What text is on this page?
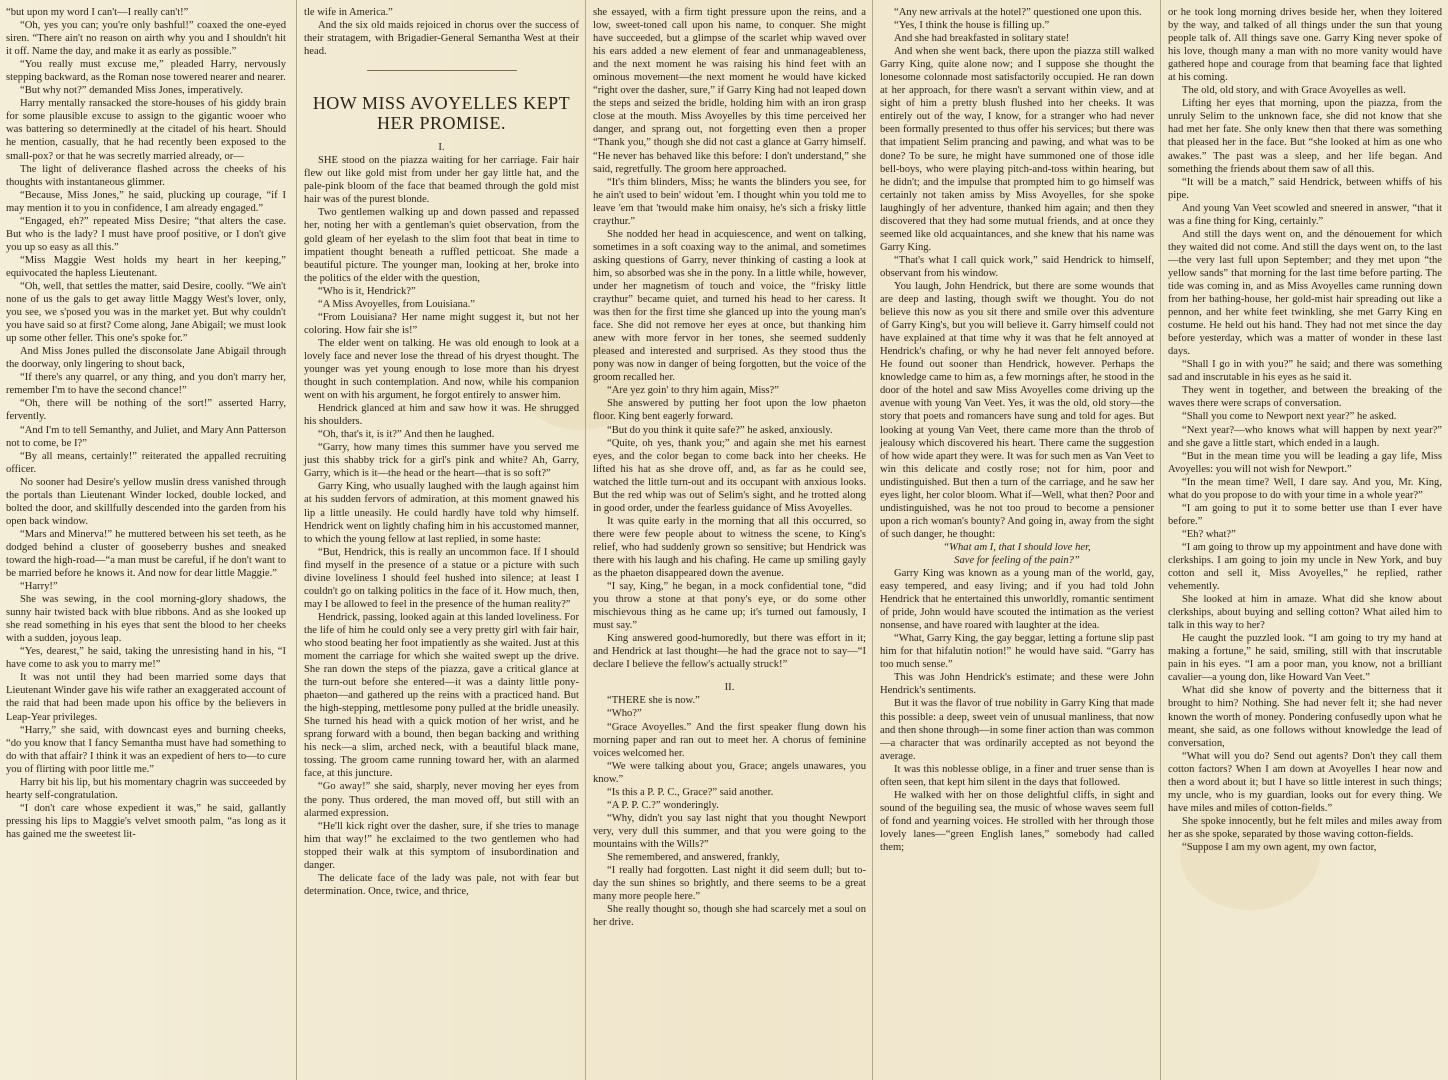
“but upon my word I can't—I really can't!”

“Oh, yes you can; you're only bashful!” coaxed the one-eyed siren. “There ain't no reason on airth why you and I shouldn't hit it off. Name the day, and make it as early as possible.”

“You really must excuse me,” pleaded Harry, nervously stepping backward, as the Roman nose towered nearer and nearer.

“But why not?” demanded Miss Jones, imperatively.

Harry mentally ransacked the store-houses of his giddy brain for some plausible excuse to assign to the gigantic wooer who was battering so determinedly at the citadel of his heart. Should he mention, casually, that he had recently been exposed to the small-pox? or that he was secretly married already, or—

The light of deliverance flashed across the cheeks of his thoughts with instantaneous glimmer.

“Because, Miss Jones,” he said, plucking up courage, “if I may mention it to you in confidence, I am already engaged.”

“Engaged, eh?” repeated Miss Desire; “that alters the case. But who is the lady? I must have proof positive, or I don't give you up so easy as all this.”

“Miss Maggie West holds my heart in her keeping,” equivocated the hapless Lieutenant.

“Oh, well, that settles the matter, said Desire, coolly. “We ain't none of us the gals to get away little Maggy West's lover, only, you see, we s'posed you was in the market yet. But why couldn't you have said so at first? Come along, Jane Abigail; we must look up some other feller. This one's spoke for.”

And Miss Jones pulled the disconsolate Jane Abigail through the doorway, only lingering to shout back,

“If there's any quarrel, or any thing, and you don't marry her, remember I'm to have the second chance!”

“Oh, there will be nothing of the sort!” asserted Harry, fervently.

“And I'm to tell Semanthy, and Juliet, and Mary Ann Patterson not to come, be I?”

“By all means, certainly!” reiterated the appalled recruiting officer.

No sooner had Desire's yellow muslin dress vanished through the portals than Lieutenant Winder locked, double locked, and bolted the door, and skillfully descended into the garden from his open back window.

“Mars and Minerva!” he muttered between his set teeth, as he dodged behind a cluster of gooseberry bushes and sneaked toward the high-road—“a man must be careful, if he don't want to be married before he knows it. And now for dear little Maggie.”

“Harry!”

She was sewing, in the cool morning-glory shadows, the sunny hair twisted back with blue ribbons. And as she looked up she read something in his eyes that sent the blood to her cheeks with a sudden, joyous leap.

“Yes, dearest,” he said, taking the unresisting hand in his, “I have come to ask you to marry me!”

It was not until they had been married some days that Lieutenant Winder gave his wife rather an exaggerated account of the raid that had been made upon his office by the believers in Leap-Year privileges.

“Harry,” she said, with downcast eyes and burning cheeks, “do you know that I fancy Semantha must have had something to do with that affair? I think it was an expedient of hers to—to cure you of flirting with poor little me.”

Harry bit his lip, but his momentary chagrin was succeeded by hearty self-congratulation.

“I don't care whose expedient it was,” he said, gallantly pressing his lips to Maggie's velvet smooth palm, “as long as it has gained me the sweetest lit-

tle wife in America.”

And the six old maids rejoiced in chorus over the success of their stratagem, with Brigadier-General Semantha West at their head.

HOW MISS AVOYELLES KEPT HER PROMISE.

I.

SHE stood on the piazza waiting for her carriage. Fair hair flew out like gold mist from under her gay little hat, and the pale-pink bloom of the face that beamed through the gold mist hair was of the purest blonde.

Two gentlemen walking up and down passed and repassed her, noting her with a gentleman's quiet observation, from the gold gleam of her eyelash to the slim foot that beat in time to impatient thought beneath a ruffled petticoat. She made a beautiful picture. The younger man, looking at her, broke into the politics of the elder with the question,

“Who is it, Hendrick?”

“A Miss Avoyelles, from Louisiana.”

“From Louisiana? Her name might suggest it, but not her coloring. How fair she is!”

The elder went on talking. He was old enough to look at a lovely face and never lose the thread of his dryest thought. The younger was yet young enough to lose more than his dryest thought in such contemplation. And now, while his companion went on with his argument, he forgot entirely to answer him.

Hendrick glanced at him and saw how it was. He shrugged his shoulders.

“Oh, that's it, is it?” And then he laughed.

“Garry, how many times this summer have you served me just this shabby trick for a girl's pink and white? Ah, Garry, Garry, which is it—the head or the heart—that is so soft?”

Garry King, who usually laughed with the laugh against him at his sudden fervors of admiration, at this moment gnawed his lip a little uneasily. He could hardly have told why himself. Hendrick went on lightly chafing him in his accustomed manner, to which the young fellow at last replied, in some haste:

“But, Hendrick, this is really an uncommon face. If I should find myself in the presence of a statue or a picture with such divine loveliness I should feel hushed into silence; at least I couldn't go on talking politics in the face of it. How much, then, may I be allowed to feel in the presence of the human reality?”

Hendrick, passing, looked again at this landed loveliness. For the life of him he could only see a very pretty girl with fair hair, who stood beating her foot impatiently as she waited. Just at this moment the carriage for which she waited swept up the drive. She ran down the steps of the piazza, gave a critical glance at the turn-out before she entered—it was a dainty little pony-phaeton—and gathered up the reins with a practiced hand. But the high-stepping, mettlesome pony pulled at the bridle uneasily. She turned his head with a quick motion of her wrist, and he sprang forward with a bound, then began backing and writhing his neck—a slim, arched neck, with a beautiful black mane, tossing. The groom came running toward her, with an alarmed face, at this juncture.

“Go away!” she said, sharply, never moving her eyes from the pony. Thus ordered, the man moved off, but still with an alarmed expression.

“He'll kick right over the dasher, sure, if she tries to manage him that way!” he exclaimed to the two gentlemen who had stopped their walk at this symptom of insubordination and danger.

The delicate face of the lady was pale, not with fear but determination. Once, twice, and thrice,

she essayed, with a firm tight pressure upon the reins, and a low, sweet-toned call upon his name, to conquer. She might have succeeded, but a glimpse of the scarlet whip waved over his ears added a new element of fear and unmanageableness, and the next moment he was raising his hind feet with an ominous movement—the next moment he would have kicked “right over the dasher, sure,” if Garry King had not leaped down the steps and seized the bridle, holding him with an iron grasp close at the mouth. Miss Avoyelles by this time perceived her danger, and sprang out, not forgetting even then a proper “Thank you,” though she did not cast a glance at Garry himself. “He never has behaved like this before: I don't understand,” she said, regretfully. The groom here approached.

“It's thim blinders, Miss; he wants the blinders you see, for he ain't used to bein' widout 'em. I thought whin you told me to leave 'em that 'twould make him onaisy, he's sich a frisky little craythur.”

She nodded her head in acquiescence, and went on talking, sometimes in a soft coaxing way to the animal, and sometimes asking questions of Garry, never thinking of casting a look at him, so absorbed was she in the pony. In a little while, however, under her magnetism of touch and voice, the “frisky little craythur” became quiet, and turned his head to her caress. It was then for the first time she glanced up into the young man's face. She did not remove her eyes at once, but thanking him anew with more fervor in her tones, she seemed suddenly pleased and interested and surprised. As they stood thus the pony was now in danger of being forgotten, but the voice of the groom recalled her.

“Are yez goin' to thry him again, Miss?”

She answered by putting her foot upon the low phaeton floor. King bent eagerly forward.

“But do you think it quite safe?” he asked, anxiously.

“Quite, oh yes, thank you;” and again she met his earnest eyes, and the color began to come back into her cheeks. He lifted his hat as she drove off, and, as far as he could see, watched the little turn-out and its occupant with anxious looks. But the red whip was out of Selim's sight, and he trotted along in good order, under the fearless guidance of Miss Avoyelles.

It was quite early in the morning that all this occurred, so there were few people about to witness the scene, to King's relief, who had suddenly grown so sensitive; but Hendrick was there with his laugh and his chafing. He came up smiling gayly as the phaeton disappeared down the avenue.

“I say, King,” he began, in a mock confidential tone, “did you throw a stone at that pony's eye, or do some other mischievous thing as he came up; it's turned out famously, I must say.”

King answered good-humoredly, but there was effort in it; and Hendrick at last thought—he had the grace not to say—“I declare I believe the fellow's actually struck!”

II.

“THERE she is now.”

“Who?”

“Grace Avoyelles.” And the first speaker flung down his morning paper and ran out to meet her. A chorus of feminine voices welcomed her.

“We were talking about you, Grace; angels unawares, you know.”

“Is this a P. P. C., Grace?” said another.

“A P. P. C.?” wonderingly.

“Why, didn't you say last night that you thought Newport very, very dull this summer, and that you were going to the mountains with the Wills?”

She remembered, and answered, frankly,

“I really had forgotten. Last night it did seem dull; but to-day the sun shines so brightly, and there seems to be a great many more people here.”

She really thought so, though she had scarcely met a soul on her drive.

“Any new arrivals at the hotel?” questioned one upon this.

“Yes, I think the house is filling up.”

And she had breakfasted in solitary state!

And when she went back, there upon the piazza still walked Garry King, quite alone now; and I suppose she thought the lonesome colonnade most satisfactorily occupied. He ran down at her approach, for there wasn't a servant within view, and at sight of him a pretty blush flushed into her cheeks. It was entirely out of the way, I know, for a stranger who had never been formally presented to thus offer his services; but there was that impatient Selim prancing and pawing, and what was to be done? To be sure, he might have summoned one of those idle bell-boys, who were playing pitch-and-toss within hearing, but he didn't; and the impulse that prompted him to go himself was certainly not taken amiss by Miss Avoyelles, for she spoke laughingly of her adventure, thanked him again; and then they discovered that they had some mutual friends, and at once they seemed like old acquaintances, and she knew that his name was Garry King.

“That's what I call quick work,” said Hendrick to himself, observant from his window.

You laugh, John Hendrick, but there are some wounds that are deep and lasting, though swift we thought. You do not believe this now as you sit there and smile over this adventure of Garry King's, but you will believe it. Garry himself could not have explained at that time why it was that he felt annoyed at Hendrick's chafing, or why he had never felt annoyed before. He found out sooner than Hendrick, however. Perhaps the knowledge came to him as, a few mornings after, he stood in the door of the hotel and saw Miss Avoyelles come driving up the avenue with young Van Veet. Yes, it was the old, old story—the story that poets and romancers have sung and told for ages. But looking at young Van Veet, there came more than the throb of jealousy which discovered his heart. There came the suggestion of how wide apart they were. It was for such men as Van Veet to win this delicate and costly rose; not for him, poor and undistinguished. But then a turn of the carriage, and he saw her eyes light, her color bloom. What if—Well, what then? Poor and undistinguished, was he not too proud to become a pensioner upon a rich woman's bounty? And going in, away from the sight of such danger, he thought:

“What am I, that I should love her,

Save for feeling of the pain?”

Garry King was known as a young man of the world, gay, easy tempered, and easy living; and if you had told John Hendrick that he entertained this unworldly, romantic sentiment of pride, John would have scouted the intimation as the veriest nonsense, and have roared with laughter at the idea.

“What, Garry King, the gay beggar, letting a fortune slip past him for that hifalutin notion!” he would have said. “Garry has too much sense.”

This was John Hendrick's estimate; and these were John Hendrick's sentiments.

But it was the flavor of true nobility in Garry King that made this possible: a deep, sweet vein of unusual manliness, that now and then shone through—in some finer action than was common—a character that was ordinarily accepted as not beyond the average.

It was this noblesse oblige, in a finer and truer sense than is often seen, that kept him silent in the days that followed.

He walked with her on those delightful cliffs, in sight and sound of the beguiling sea, the music of whose waves seem full of fond and yearning voices. He strolled with her through those lovely lanes—“green English lanes,” somebody had called them;

or he took long morning drives beside her, when they loitered by the way, and talked of all things under the sun that young people talk of. All things save one. Garry King never spoke of his love, though many a man with no more vanity would have gathered hope and courage from that beaming face that lighted at his coming.

The old, old story, and with Grace Avoyelles as well.

Lifting her eyes that morning, upon the piazza, from the unruly Selim to the unknown face, she did not know that she had met her fate. She only knew then that there was something that pleased her in the face. But “she looked at him as one who awakes.” The past was a sleep, and her life began. And something the friends about them saw of all this.

“It will be a match,” said Hendrick, between whiffs of his pipe.

And young Van Veet scowled and sneered in answer, “that it was a fine thing for King, certainly.”

And still the days went on, and the dénouement for which they waited did not come. And still the days went on, to the last—the very last full upon September; and they met upon “the yellow sands” that morning for the last time before parting. The tide was coming in, and as Miss Avoyelles came running down from her bathing-house, her gold-mist hair spreading out like a pennon, and her white feet twinkling, she met Garry King en costume. He held out his hand. They had not met since the day before yesterday, which was a matter of wonder in these last days.

“Shall I go in with you?” he said; and there was something sad and inscrutable in his eyes as he said it.

They went in together, and between the breaking of the waves there were scraps of conversation.

“Shall you come to Newport next year?” he asked.

“Next year?—who knows what will happen by next year?” and she gave a little start, which ended in a laugh.

“But in the mean time you will be leading a gay life, Miss Avoyelles: you will not wish for Newport.”

“In the mean time? Well, I dare say. And you, Mr. King, what do you propose to do with your time in a whole year?”

“I am going to put it to some better use than I ever have before.”

“Eh? what?”

“I am going to throw up my appointment and have done with clerkships. I am going to join my uncle in New York, and buy cotton and sell it, Miss Avoyelles,” he replied, rather vehemently.

She looked at him in amaze. What did she know about clerkships, about buying and selling cotton? What ailed him to talk in this way to her?

He caught the puzzled look. “I am going to try my hand at making a fortune,” he said, smiling, still with that inscrutable pain in his eyes. “I am a poor man, you know, not a brilliant cavalier—a young don, like Howard Van Veet.”

What did she know of poverty and the bitterness that it brought to him? Nothing. She had never felt it; she had never known the worth of money. Pondering confusedly upon what he meant, she said, as one follows without knowledge the lead of conversation,

“What will you do? Send out agents? Don't they call them cotton factors? When I am down at Avoyelles I hear now and then a word about it; but I have so little interest in such things; my uncle, who is my guardian, looks out for every thing. We have miles and miles of cotton-fields.”

She spoke innocently, but he felt miles and miles away from her as she spoke, separated by those waving cotton-fields.

“Suppose I am my own agent, my own factor,
